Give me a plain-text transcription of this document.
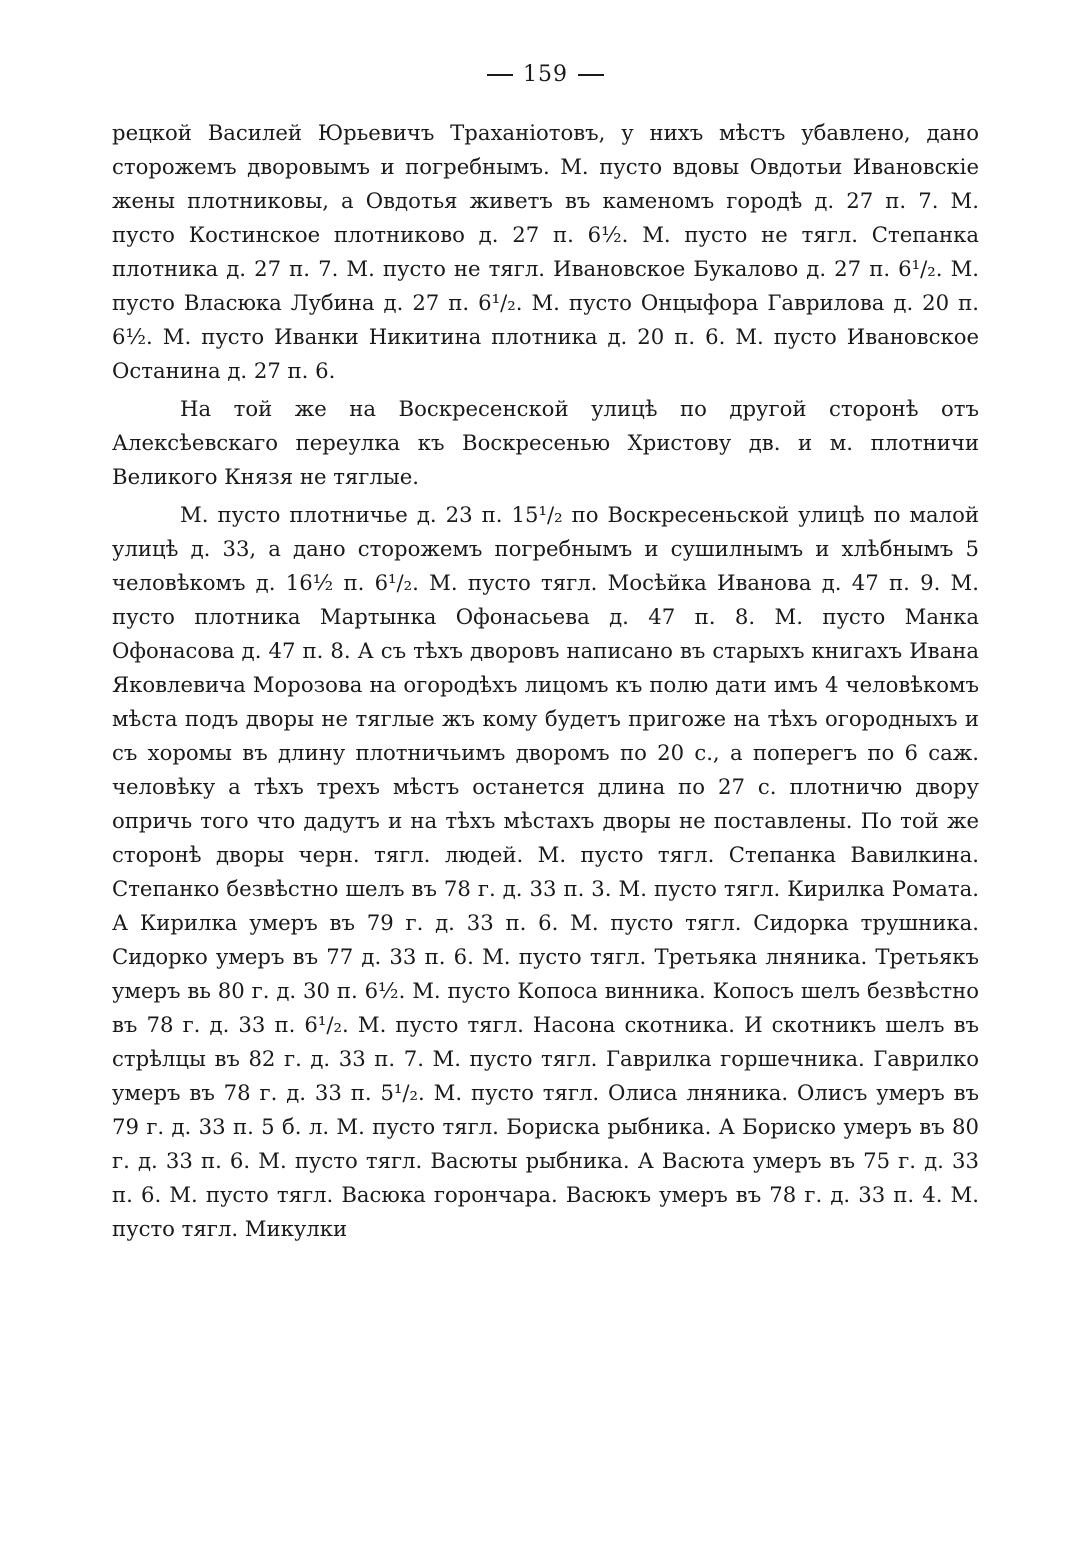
159

рецкой Василей Юрьевичъ Траханіотовъ, у нихъ мѣстъ убавлено, дано сторожемъ дворовымъ и погребнымъ. М. пусто вдовы Овдотьи Ивановскіе жены плотниковы, а Овдотья живетъ въ каменомъ городѣ д. 27 п. 7. М. пусто Костинское плотниково д. 27 п. 6½. М. пусто не тягл. Степанка плотника д. 27 п. 7. М. пусто не тягл. Ивановское Букалово д. 27 п. 6¹/₂. М. пусто Власюка Лубина д. 27 п. 6¹/₂. М. пусто Онцыфора Гаврилова д. 20 п. 6½. М. пусто Иванки Никитина плотника д. 20 п. 6. М. пусто Ивановское Останина д. 27 п. 6.

На той же на Воскресенской улицѣ по другой сторонѣ отъ Алексѣевскаго переулка къ Воскресенью Христову дв. и м. плотничи Великого Князя не тяглые.

М. пусто плотничье д. 23 п. 15¹/₂ по Воскресеньской улицѣ по малой улицѣ д. 33, а дано сторожемъ погребнымъ и сушилнымъ и хлѣбнымъ 5 человѣкомъ д. 16½ п. 6¹/₂. М. пусто тягл. Мосѣйка Иванова д. 47 п. 9. М. пусто плотника Мартынка Офонасьева д. 47 п. 8. М. пусто Манка Офонасова д. 47 п. 8. А съ тѣхъ дворовъ написано въ старыхъ книгахъ Ивана Яковлевича Морозова на огородѣхъ лицомъ къ полю дати имъ 4 человѣкомъ мѣста подъ дворы не тяглые жъ кому будетъ пригоже на тѣхъ огородныхъ и съ хоромы въ длину плотничьимъ дворомъ по 20 с., а поперегъ по 6 саж. человѣку а тѣхъ трехъ мѣстъ останется длина по 27 с. плотничю двору опричь того что дадутъ и на тѣхъ мѣстахъ дворы не поставлены. По той же сторонѣ дворы черн. тягл. людей. М. пусто тягл. Степанка Вавилкина. Степанко безвѣстно шелъ въ 78 г. д. 33 п. 3. М. пусто тягл. Кирилка Ромата. А Кирилка умеръ въ 79 г. д. 33 п. 6. М. пусто тягл. Сидорка трушника. Сидорко умеръ въ 77 д. 33 п. 6. М. пусто тягл. Третьяка лняника. Третьякъ умеръ вь 80 г. д. 30 п. 6½. М. пусто Копоса винника. Копосъ шелъ безвѣстно въ 78 г. д. 33 п. 6¹/₂. М. пусто тягл. Насона скотника. И скотникъ шелъ въ стрѣлцы въ 82 г. д. 33 п. 7. М. пусто тягл. Гаврилка горшечника. Гаврилко умеръ въ 78 г. д. 33 п. 5¹/₂. М. пусто тягл. Олиса лняника. Олисъ умеръ въ 79 г. д. 33 п. 5 б. л. М. пусто тягл. Бориска рыбника. А Бориско умеръ въ 80 г. д. 33 п. 6. М. пусто тягл. Васюты рыбника. А Васюта умеръ въ 75 г. д. 33 п. 6. М. пусто тягл. Васюка горончара. Васюкъ умеръ въ 78 г. д. 33 п. 4. М. пусто тягл. Микулки
